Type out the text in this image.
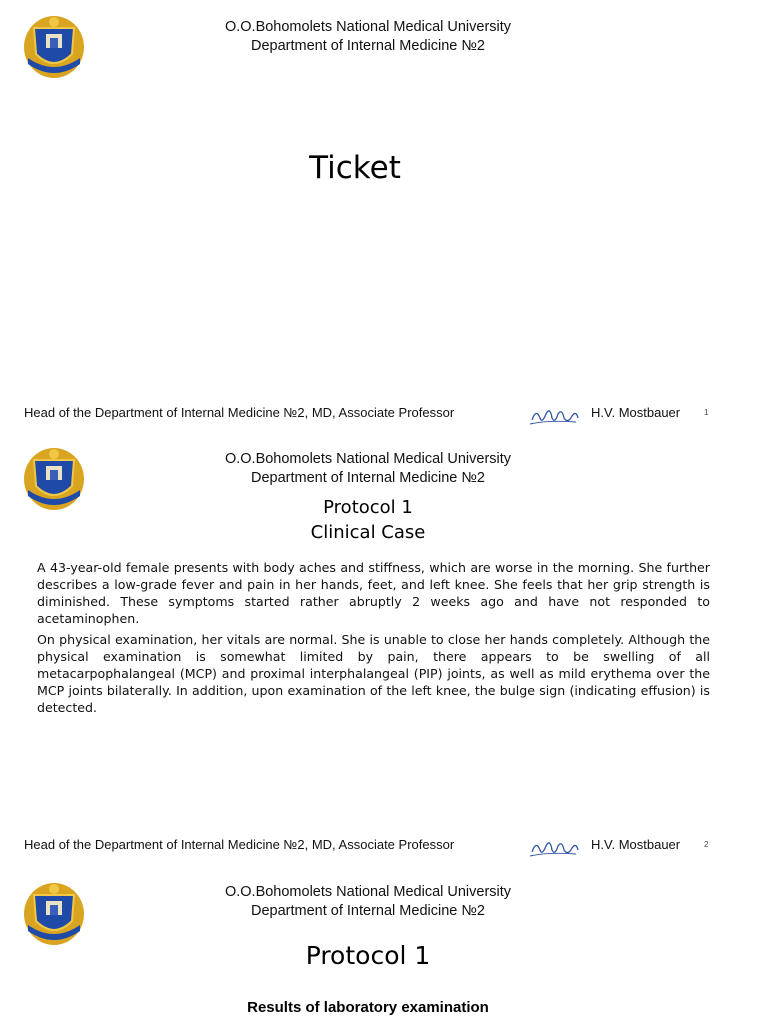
O.O.Bohomolets National Medical University
Department of Internal Medicine №2
Ticket
Head of the Department of Internal Medicine №2, MD, Associate Professor	H.V. Mostbauer	1
O.O.Bohomolets National Medical University
Department of Internal Medicine №2
Protocol 1
Clinical Case

A 43-year-old female presents with body aches and stiffness, which are worse in the morning. She further describes a low-grade fever and pain in her hands, feet, and left knee. She feels that her grip strength is diminished. These symptoms started rather abruptly 2 weeks ago and have not responded to acetaminophen.

On physical examination, her vitals are normal. She is unable to close her hands completely. Although the physical examination is somewhat limited by pain, there appears to be swelling of all metacarpophalangeal (MCP) and proximal interphalangeal (PIP) joints, as well as mild erythema over the MCP joints bilaterally. In addition, upon examination of the left knee, the bulge sign (indicating effusion) is detected.

Head of the Department of Internal Medicine №2, MD, Associate Professor	H.V. Mostbauer	2
O.O.Bohomolets National Medical University
Department of Internal Medicine №2
Protocol 1
Results of laboratory examination
